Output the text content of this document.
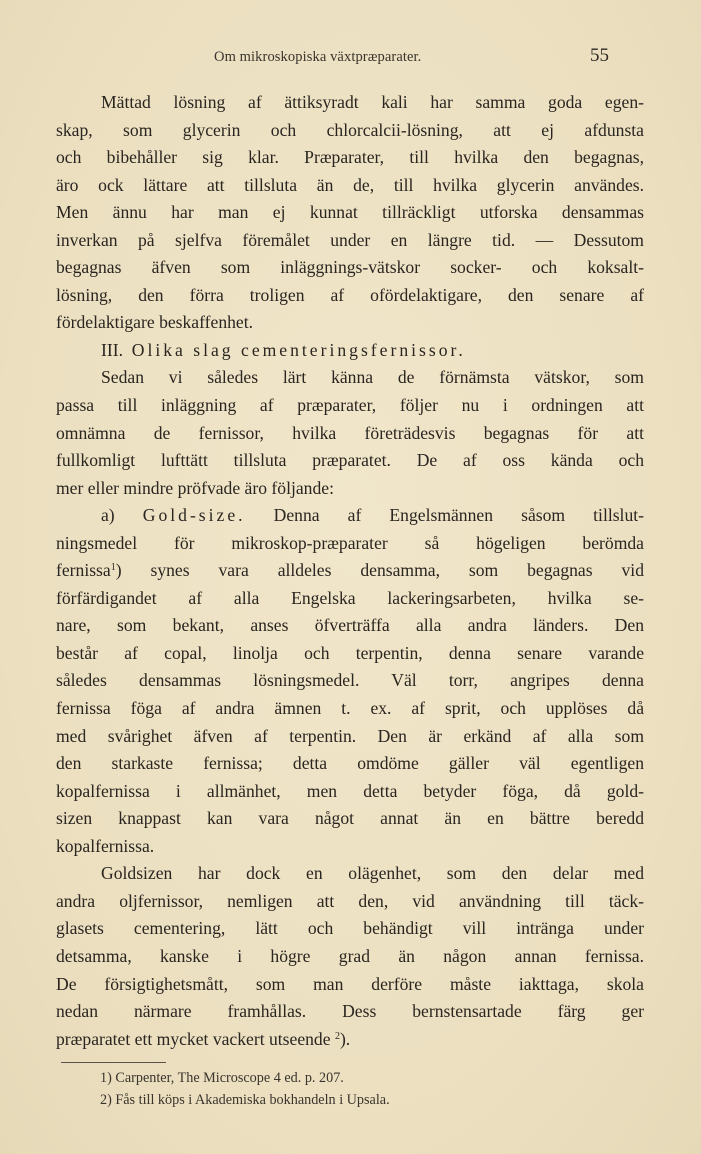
Om mikroskopiska växtpræparater.	55
Mättad lösning af ättiksyradt kali har samma goda egen-
skap, som glycerin och chlorcalcii-lösning, att ej afdunsta
och bibehåller sig klar. Præparater, till hvilka den begagnas,
äro ock lättare att tillsluta än de, till hvilka glycerin användes.
Men ännu har man ej kunnat tillräckligt utforska densammas
inverkan på sjelfva föremålet under en längre tid. — Dessutom
begagnas äfven som inläggnings-vätskor socker- och koksalt-
lösning, den förra troligen af ofördelaktigare, den senare af
fördelaktigare beskaffenhet.
III. Olika slag cementeringsfernissor.
Sedan vi således lärt känna de förnämsta vätskor, som
passa till inläggning af præparater, följer nu i ordningen att
omnämna de fernissor, hvilka företrädesvis begagnas för att
fullkomligt lufttätt tillsluta præparatet. De af oss kända och
mer eller mindre pröfvade äro följande:
a) Gold-size. Denna af Engelsmännen såsom tillslut-
ningsmedel för mikroskop-præparater så högeligen berömda
fernissa$^1$) synes vara alldeles densamma, som begagnas vid
förfärdigandet af alla Engelska lackeringsarbeten, hvilka se-
nare, som bekant, anses öfverträffa alla andra länders. Den
består af copal, linolja och terpentin, denna senare varande
således densammas lösningsmedel. Väl torr, angripes denna
fernissa föga af andra ämnen t. ex. af sprit, och upplöses då
med svårighet äfven af terpentin. Den är erkänd af alla som
den starkaste fernissa; detta omdöme gäller väl egentligen
kopalfernissa i allmänhet, men detta betyder föga, då gold-
sizen knappast kan vara något annat än en bättre beredd
kopalfernissa.
Goldsizen har dock en olägenhet, som den delar med
andra oljfernissor, nemligen att den, vid användning till täck-
glasets cementering, lätt och behändigt vill inträngа under
detsamma, kanske i högre grad än någon annan fernissa.
De försigtighetsmått, som man derföre måste iakttaga, skola
nedan närmare framhållas. Dess bernstensartade färg ger
præparatet ett mycket vackert utseende $^2$).
1) Carpenter, The Microscope 4 ed. p. 207.
2) Fås till köps i Akademiska bokhandeln i Upsala.
